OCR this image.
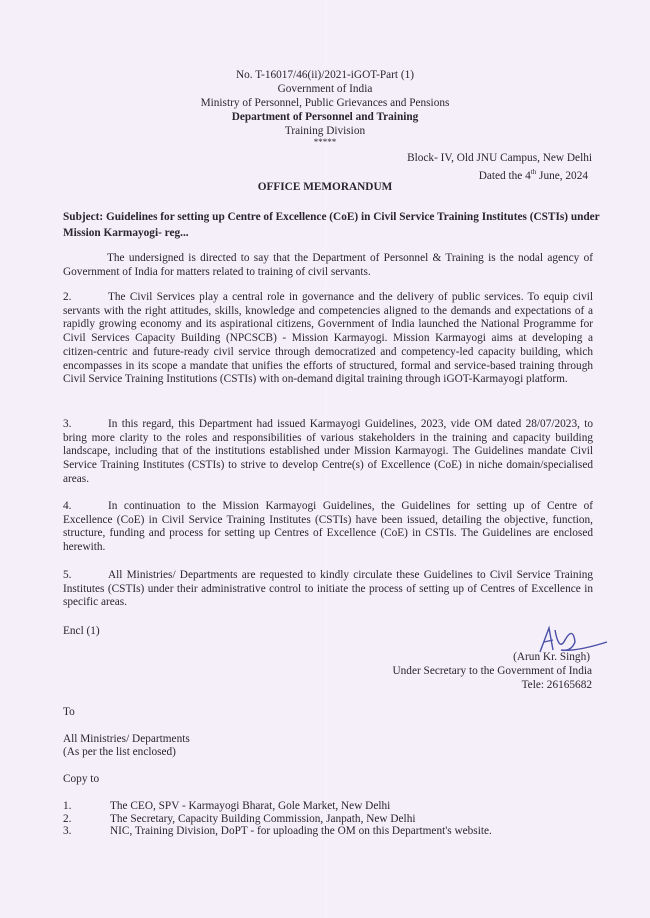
No. T-16017/46(ii)/2021-iGOT-Part (1)
Government of India
Ministry of Personnel, Public Grievances and Pensions
Department of Personnel and Training
Training Division
*****
Block- IV, Old JNU Campus, New Delhi
Dated the 4th June, 2024
OFFICE MEMORANDUM
Subject: Guidelines for setting up Centre of Excellence (CoE) in Civil Service Training Institutes (CSTIs) under Mission Karmayogi- reg...
The undersigned is directed to say that the Department of Personnel & Training is the nodal agency of Government of India for matters related to training of civil servants.
2.	The Civil Services play a central role in governance and the delivery of public services. To equip civil servants with the right attitudes, skills, knowledge and competencies aligned to the demands and expectations of a rapidly growing economy and its aspirational citizens, Government of India launched the National Programme for Civil Services Capacity Building (NPCSCB) - Mission Karmayogi. Mission Karmayogi aims at developing a citizen-centric and future-ready civil service through democratized and competency-led capacity building, which encompasses in its scope a mandate that unifies the efforts of structured, formal and service-based training through Civil Service Training Institutions (CSTIs) with on-demand digital training through iGOT-Karmayogi platform.
3.	In this regard, this Department had issued Karmayogi Guidelines, 2023, vide OM dated 28/07/2023, to bring more clarity to the roles and responsibilities of various stakeholders in the training and capacity building landscape, including that of the institutions established under Mission Karmayogi. The Guidelines mandate Civil Service Training Institutes (CSTIs) to strive to develop Centre(s) of Excellence (CoE) in niche domain/specialised areas.
4.	In continuation to the Mission Karmayogi Guidelines, the Guidelines for setting up of Centre of Excellence (CoE) in Civil Service Training Institutes (CSTIs) have been issued, detailing the objective, function, structure, funding and process for setting up Centres of Excellence (CoE) in CSTIs. The Guidelines are enclosed herewith.
5.	All Ministries/ Departments are requested to kindly circulate these Guidelines to Civil Service Training Institutes (CSTIs) under their administrative control to initiate the process of setting up of Centres of Excellence in specific areas.
Encl (1)
(Arun Kr. Singh)
Under Secretary to the Government of India
Tele: 26165682
To
All Ministries/ Departments
(As per the list enclosed)
Copy to
1.	The CEO, SPV - Karmayogi Bharat, Gole Market, New Delhi
2.	The Secretary, Capacity Building Commission, Janpath, New Delhi
3.	NIC, Training Division, DoPT - for uploading the OM on this Department's website.
